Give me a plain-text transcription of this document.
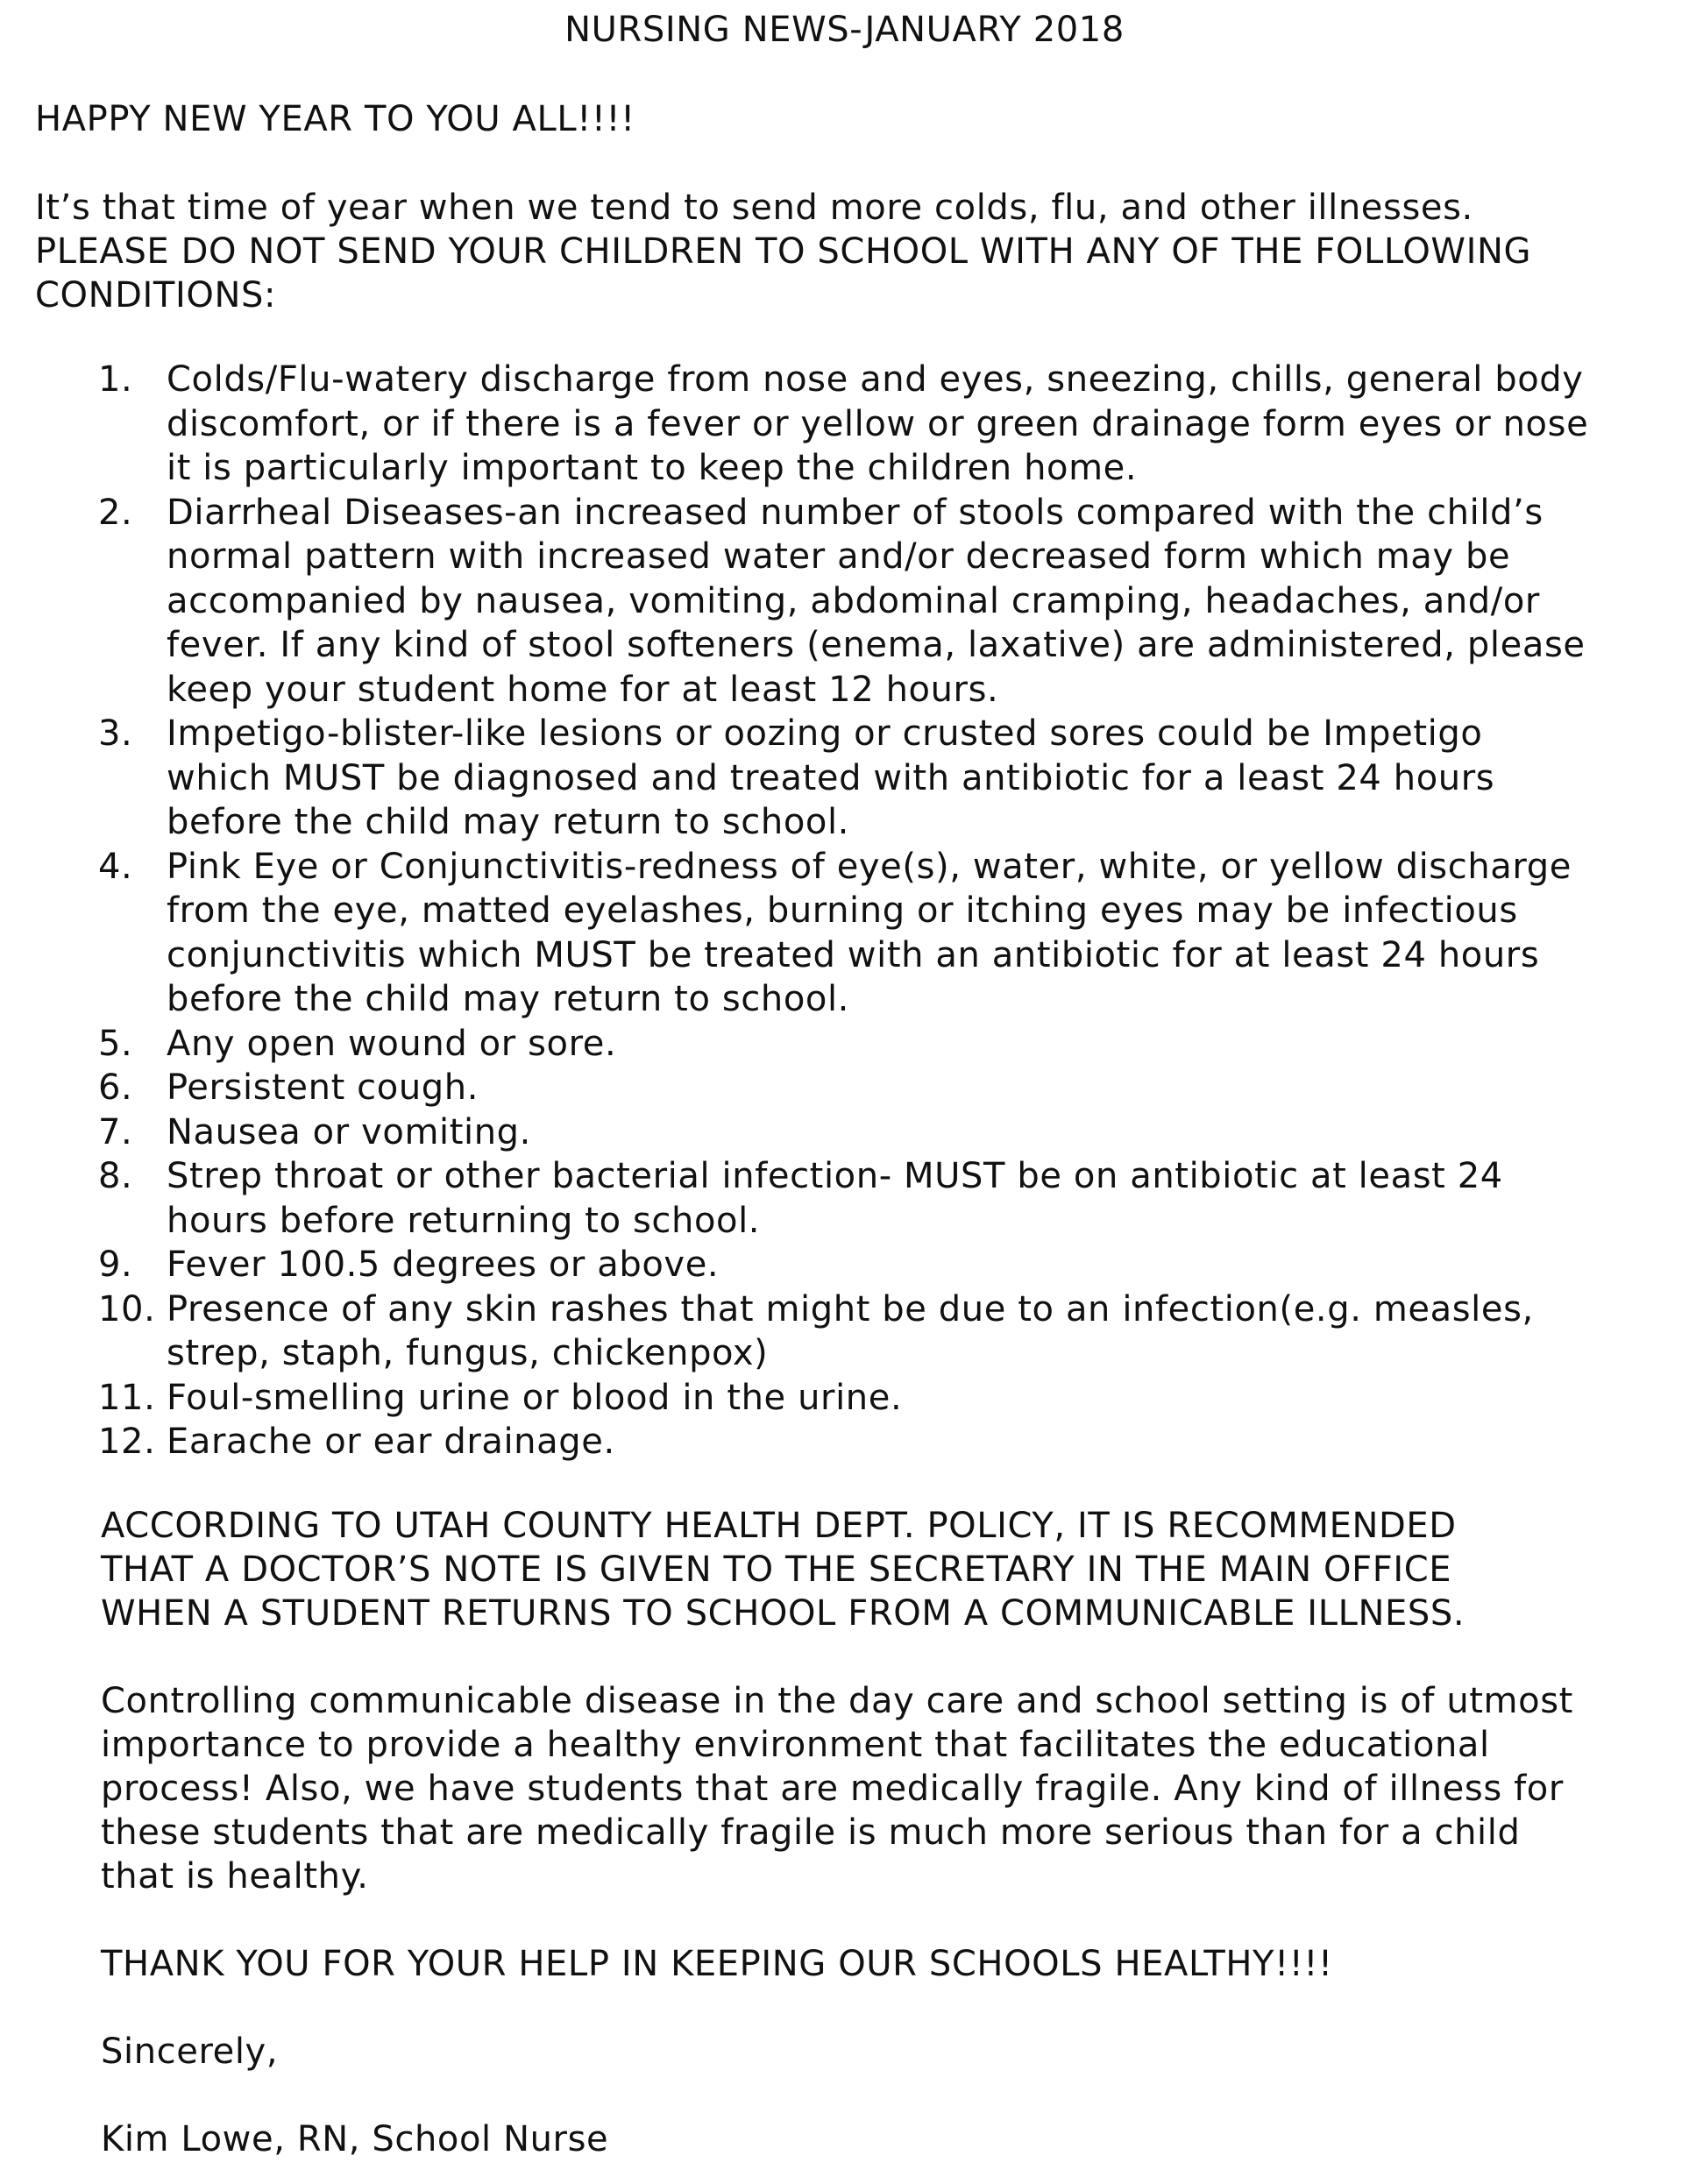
NURSING NEWS-JANUARY 2018

HAPPY NEW YEAR TO YOU ALL!!!!

It’s that time of year when we tend to send more colds, flu, and other illnesses.

PLEASE DO NOT SEND YOUR CHILDREN TO SCHOOL WITH ANY OF THE FOLLOWING

CONDITIONS:

1. Colds/Flu-watery discharge from nose and eyes, sneezing, chills, general body
discomfort, or if there is a fever or yellow or green drainage form eyes or nose
it is particularly important to keep the children home.
2. Diarrheal Diseases-an increased number of stools compared with the child’s
normal pattern with increased water and/or decreased form which may be
accompanied by nausea, vomiting, abdominal cramping, headaches, and/or
fever. If any kind of stool softeners (enema, laxative) are administered, please
keep your student home for at least 12 hours.
3. Impetigo-blister-like lesions or oozing or crusted sores could be Impetigo
which MUST be diagnosed and treated with antibiotic for a least 24 hours
before the child may return to school.
4. Pink Eye or Conjunctivitis-redness of eye(s), water, white, or yellow discharge
from the eye, matted eyelashes, burning or itching eyes may be infectious
conjunctivitis which MUST be treated with an antibiotic for at least 24 hours
before the child may return to school.
5. Any open wound or sore.
6. Persistent cough.
7. Nausea or vomiting.
8. Strep throat or other bacterial infection- MUST be on antibiotic at least 24
hours before returning to school.
9. Fever 100.5 degrees or above.
10. Presence of any skin rashes that might be due to an infection(e.g. measles,
strep, staph, fungus, chickenpox)
11. Foul-smelling urine or blood in the urine.
12. Earache or ear drainage.

ACCORDING TO UTAH COUNTY HEALTH DEPT. POLICY, IT IS RECOMMENDED

THAT A DOCTOR’S NOTE IS GIVEN TO THE SECRETARY IN THE MAIN OFFICE

WHEN A STUDENT RETURNS TO SCHOOL FROM A COMMUNICABLE ILLNESS.

Controlling communicable disease in the day care and school setting is of utmost

importance to provide a healthy environment that facilitates the educational

process! Also, we have students that are medically fragile. Any kind of illness for

these students that are medically fragile is much more serious than for a child

that is healthy.

THANK YOU FOR YOUR HELP IN KEEPING OUR SCHOOLS HEALTHY!!!!

Sincerely,

Kim Lowe, RN, School Nurse
